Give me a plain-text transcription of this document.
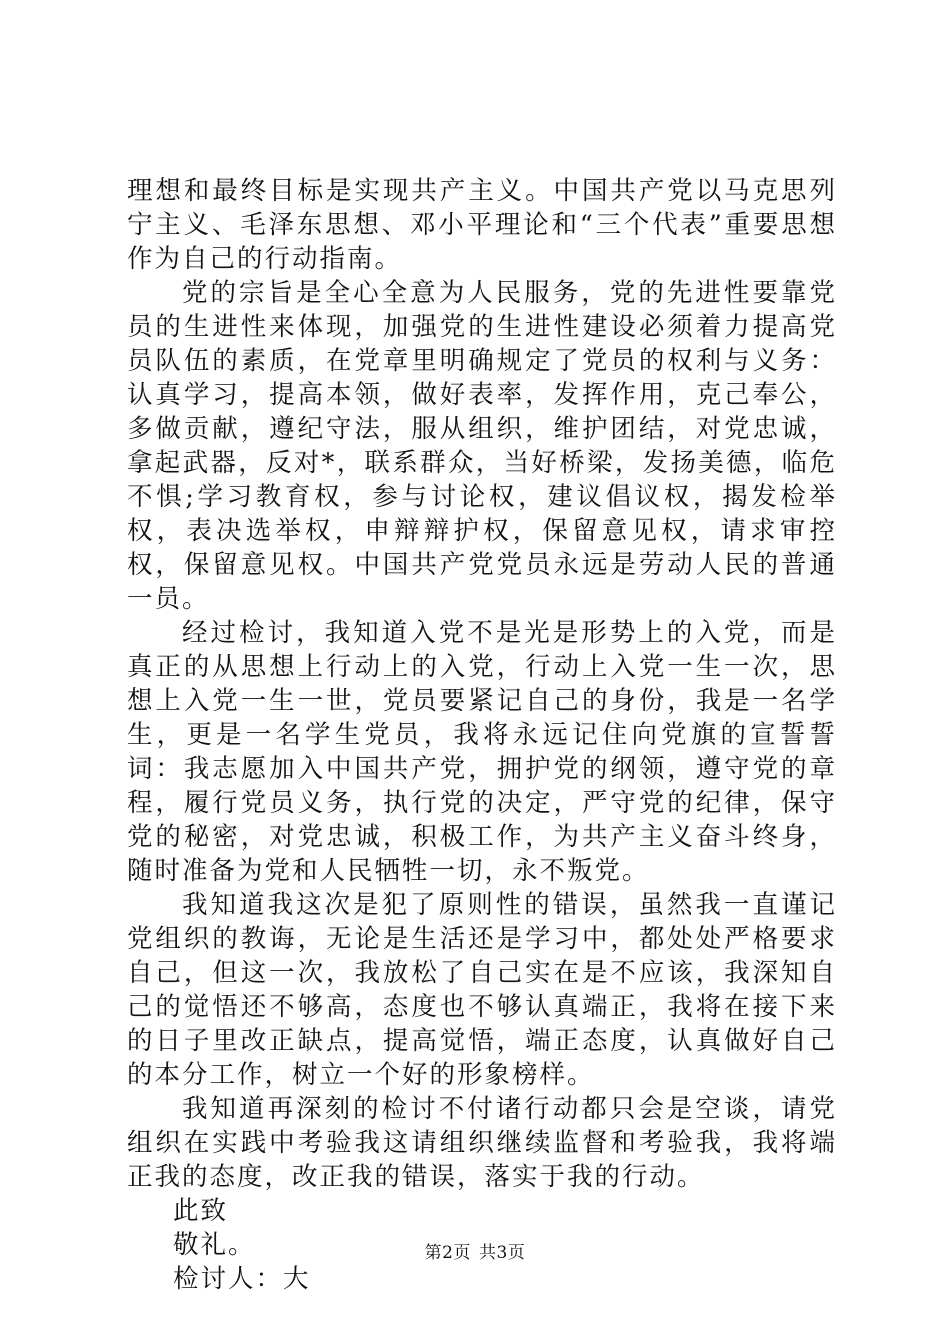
理想和最终目标是实现共产主义。中国共产党以马克思列宁主义、毛泽东思想、邓小平理论和“三个代表”重要思想作为自己的行动指南。

党的宗旨是全心全意为人民服务，党的先进性要靠党员的生进性来体现，加强党的生进性建设必须着力提高党员队伍的素质，在党章里明确规定了党员的权利与义务：认真学习，提高本领，做好表率，发挥作用，克己奉公，多做贡献，遵纪守法，服从组织，维护团结，对党忠诚，拿起武器，反对*，联系群众，当好桥梁，发扬美德，临危不惧;学习教育权，参与讨论权，建议倡议权，揭发检举权，表决选举权，申辩辩护权，保留意见权，请求审控权，保留意见权。中国共产党党员永远是劳动人民的普通一员。

经过检讨，我知道入党不是光是形势上的入党，而是真正的从思想上行动上的入党，行动上入党一生一次，思想上入党一生一世，党员要紧记自己的身份，我是一名学生，更是一名学生党员，我将永远记住向党旗的宣誓誓词：我志愿加入中国共产党，拥护党的纲领，遵守党的章程，履行党员义务，执行党的决定，严守党的纪律，保守党的秘密，对党忠诚，积极工作，为共产主义奋斗终身，随时准备为党和人民牺牲一切，永不叛党。

我知道我这次是犯了原则性的错误，虽然我一直谨记党组织的教诲，无论是生活还是学习中，都处处严格要求自己，但这一次，我放松了自己实在是不应该，我深知自己的觉悟还不够高，态度也不够认真端正，我将在接下来的日子里改正缺点，提高觉悟，端正态度，认真做好自己的本分工作，树立一个好的形象榜样。

我知道再深刻的检讨不付诸行动都只会是空谈，请党组织在实践中考验我这请组织继续监督和考验我，我将端正我的态度，改正我的错误，落实于我的行动。

此致

敬礼。

检讨人：大

第2页 共3页
